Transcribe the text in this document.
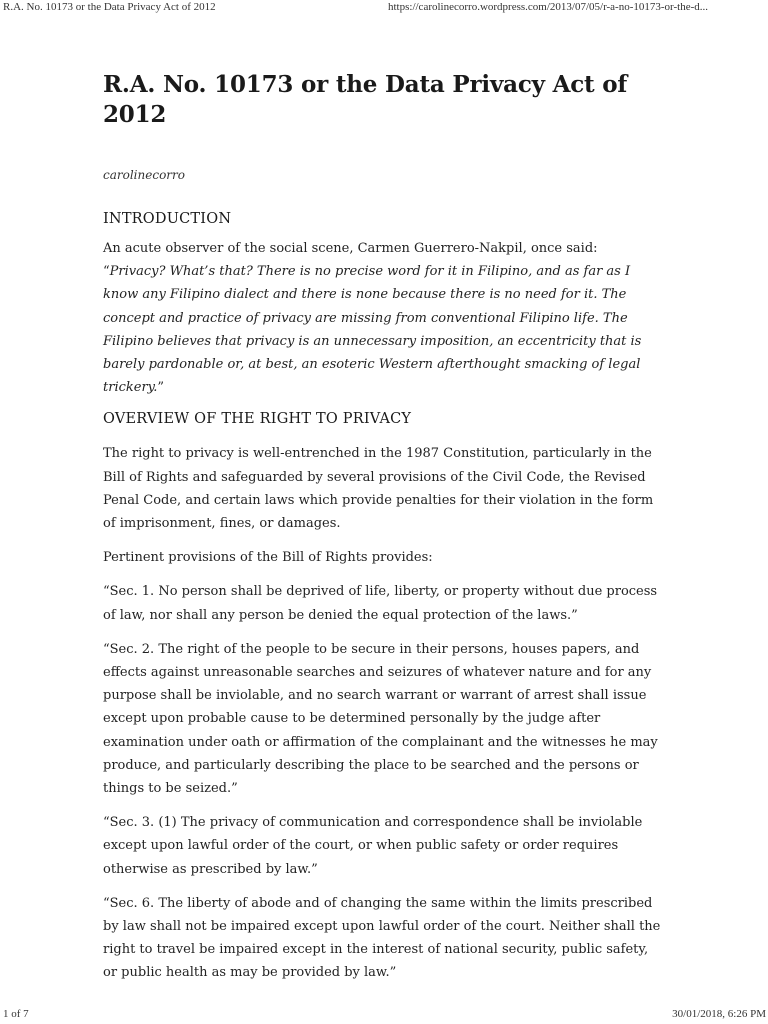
R.A. No. 10173 or the Data Privacy Act of 2012	https://carolinecorro.wordpress.com/2013/07/05/r-a-no-10173-or-the-d...
R.A. No. 10173 or the Data Privacy Act of 2012
carolinecorro
INTRODUCTION

An acute observer of the social scene, Carmen Guerrero-Nakpil, once said:

“Privacy? What’s that? There is no precise word for it in Filipino, and as far as I know any Filipino dialect and there is none because there is no need for it. The concept and practice of privacy are missing from conventional Filipino life. The Filipino believes that privacy is an unnecessary imposition, an eccentricity that is barely pardonable or, at best, an esoteric Western afterthought smacking of legal trickery.”

OVERVIEW OF THE RIGHT TO PRIVACY

The right to privacy is well-entrenched in the 1987 Constitution, particularly in the Bill of Rights and safeguarded by several provisions of the Civil Code, the Revised Penal Code, and certain laws which provide penalties for their violation in the form of imprisonment, fines, or damages.

Pertinent provisions of the Bill of Rights provides:

“Sec. 1. No person shall be deprived of life, liberty, or property without due process of law, nor shall any person be denied the equal protection of the laws.”

“Sec. 2. The right of the people to be secure in their persons, houses papers, and effects against unreasonable searches and seizures of whatever nature and for any purpose shall be inviolable, and no search warrant or warrant of arrest shall issue except upon probable cause to be determined personally by the judge after examination under oath or affirmation of the complainant and the witnesses he may produce, and particularly describing the place to be searched and the persons or things to be seized.”

“Sec. 3. (1) The privacy of communication and correspondence shall be inviolable except upon lawful order of the court, or when public safety or order requires otherwise as prescribed by law.”

“Sec. 6. The liberty of abode and of changing the same within the limits prescribed by law shall not be impaired except upon lawful order of the court. Neither shall the right to travel be impaired except in the interest of national security, public safety, or public health as may be provided by law.”

1 of 7	30/01/2018, 6:26 PM
